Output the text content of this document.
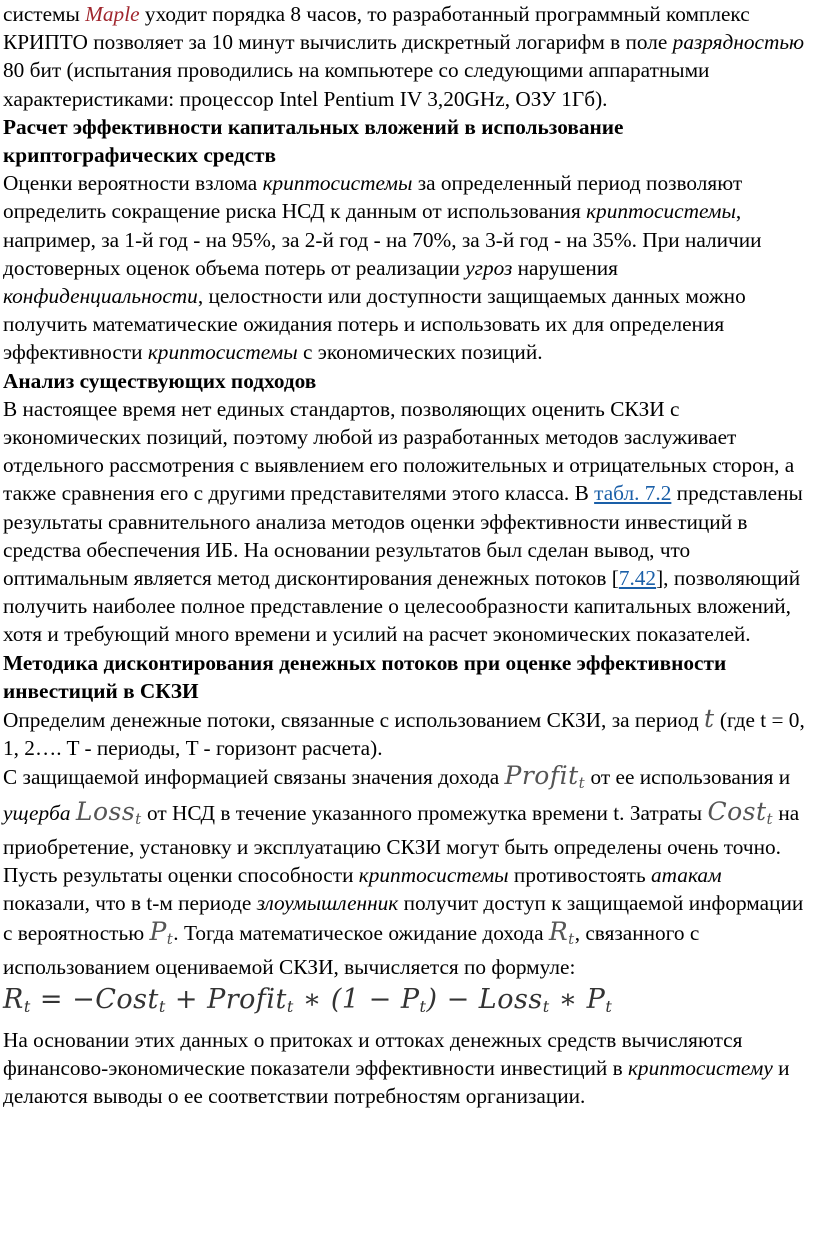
системы Maple уходит порядка 8 часов, то разработанный программный комплекс КРИПТО позволяет за 10 минут вычислить дискретный логарифм в поле разрядностью 80 бит (испытания проводились на компьютере со следующими аппаратными характеристиками: процессор Intel Pentium IV 3,20GHz, ОЗУ 1Гб).

Расчет эффективности капитальных вложений в использование криптографических средств

Оценки вероятности взлома криптосистемы за определенный период позволяют определить сокращение риска НСД к данным от использования криптосистемы, например, за 1-й год - на 95%, за 2-й год - на 70%, за 3-й год - на 35%. При наличии достоверных оценок объема потерь от реализации угроз нарушения конфиденциальности, целостности или доступности защищаемых данных можно получить математические ожидания потерь и использовать их для определения эффективности криптосистемы с экономических позиций.

Анализ существующих подходов

В настоящее время нет единых стандартов, позволяющих оценить СКЗИ с экономических позиций, поэтому любой из разработанных методов заслуживает отдельного рассмотрения с выявлением его положительных и отрицательных сторон, а также сравнения его с другими представителями этого класса. В табл. 7.2 представлены результаты сравнительного анализа методов оценки эффективности инвестиций в средства обеспечения ИБ. На основании результатов был сделан вывод, что оптимальным является метод дисконтирования денежных потоков [7.42], позволяющий получить наиболее полное представление о целесообразности капитальных вложений, хотя и требующий много времени и усилий на расчет экономических показателей.

Методика дисконтирования денежных потоков при оценке эффективности инвестиций в СКЗИ

Определим денежные потоки, связанные с использованием СКЗИ, за период t (где t = 0, 1, 2…. T - периоды, T - горизонт расчета).

С защищаемой информацией связаны значения дохода Profit$_t$ от ее использования и ущерба Loss$_t$ от НСД в течение указанного промежутка времени t. Затраты Cost$_t$ на приобретение, установку и эксплуатацию СКЗИ могут быть определены очень точно. Пусть результаты оценки способности криптосистемы противостоять атакам показали, что в t-м периоде злоумышленник получит доступ к защищаемой информации с вероятностью $P_t$. Тогда математическое ожидание дохода $R_t$, связанного с использованием оцениваемой СКЗИ, вычисляется по формуле:

$R_t$ = −Cost$_t$ + Profit$_t$ ∗ $(1 - P_t)$ − Loss$_t$ ∗ $P_t$

На основании этих данных о притоках и оттоках денежных средств вычисляются финансово-экономические показатели эффективности инвестиций в криптосистему и делаются выводы о ее соответствии потребностям организации.
